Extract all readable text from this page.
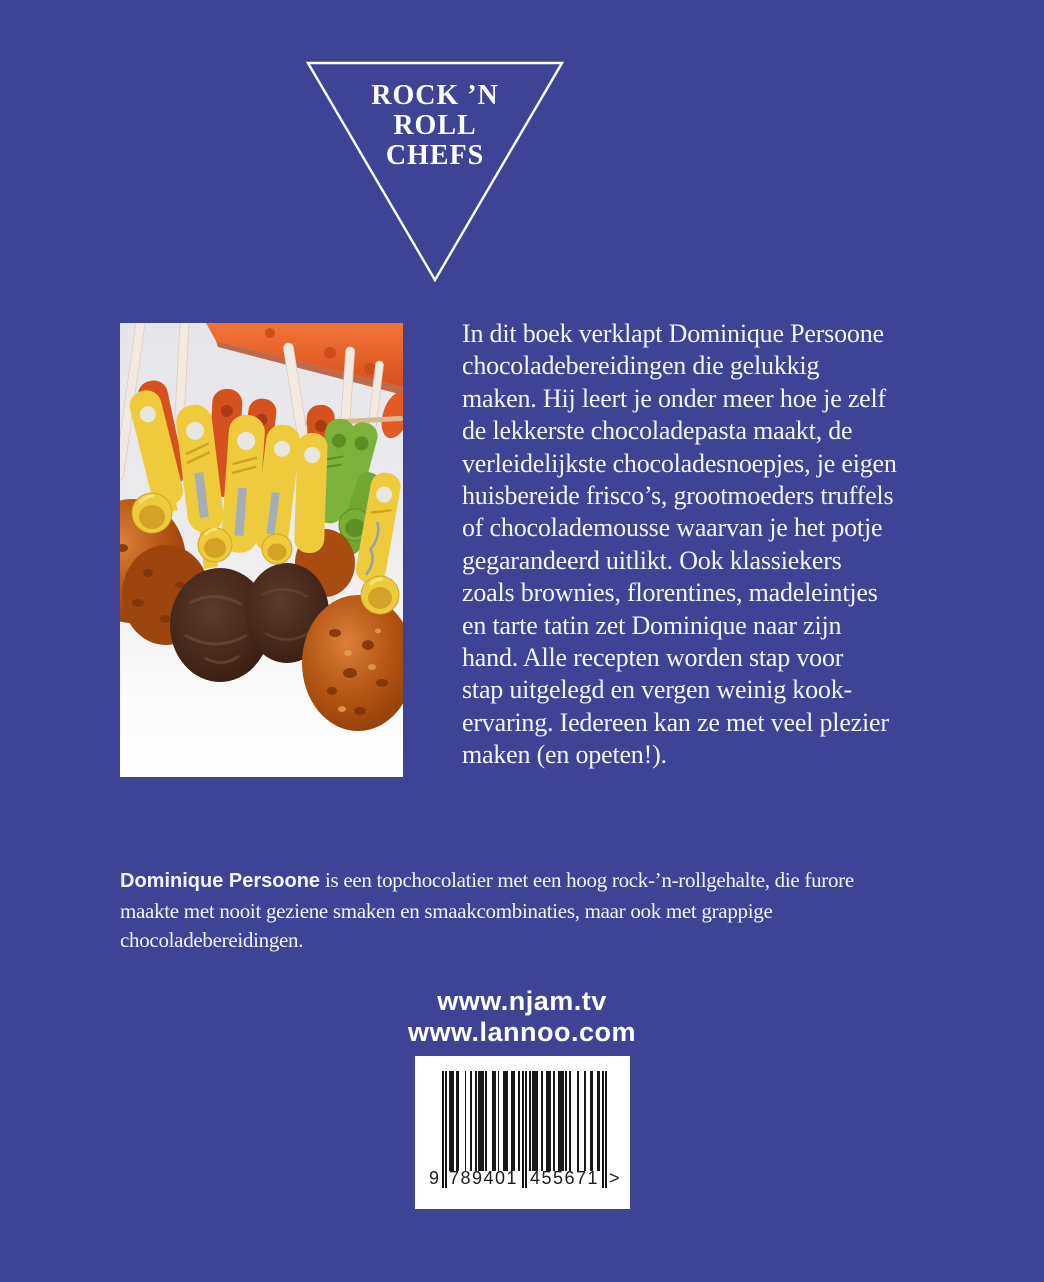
ROCK ’N
ROLL
CHEFS
In dit boek verklapt Dominique Persoone
chocoladebereidingen die gelukkig
maken. Hij leert je onder meer hoe je zelf
de lekkerste chocoladepasta maakt, de
verleidelijkste chocoladesnoepjes, je eigen
huisbereide frisco’s, grootmoeders truffels
of chocolademousse waarvan je het potje
gegarandeerd uitlikt. Ook klassiekers
zoals brownies, florentines, madeleintjes
en tarte tatin zet Dominique naar zijn
hand. Alle recepten worden stap voor
stap uitgelegd en vergen weinig kook-
ervaring. Iedereen kan ze met veel plezier
maken (en opeten!).
Dominique Persoone is een topchocolatier met een hoog rock-’n-rollgehalte, die furore
maakte met nooit geziene smaken en smaakcombinaties, maar ook met grappige
chocoladebereidingen.
www.njam.tv
www.lannoo.com
9 789401 455671 >
